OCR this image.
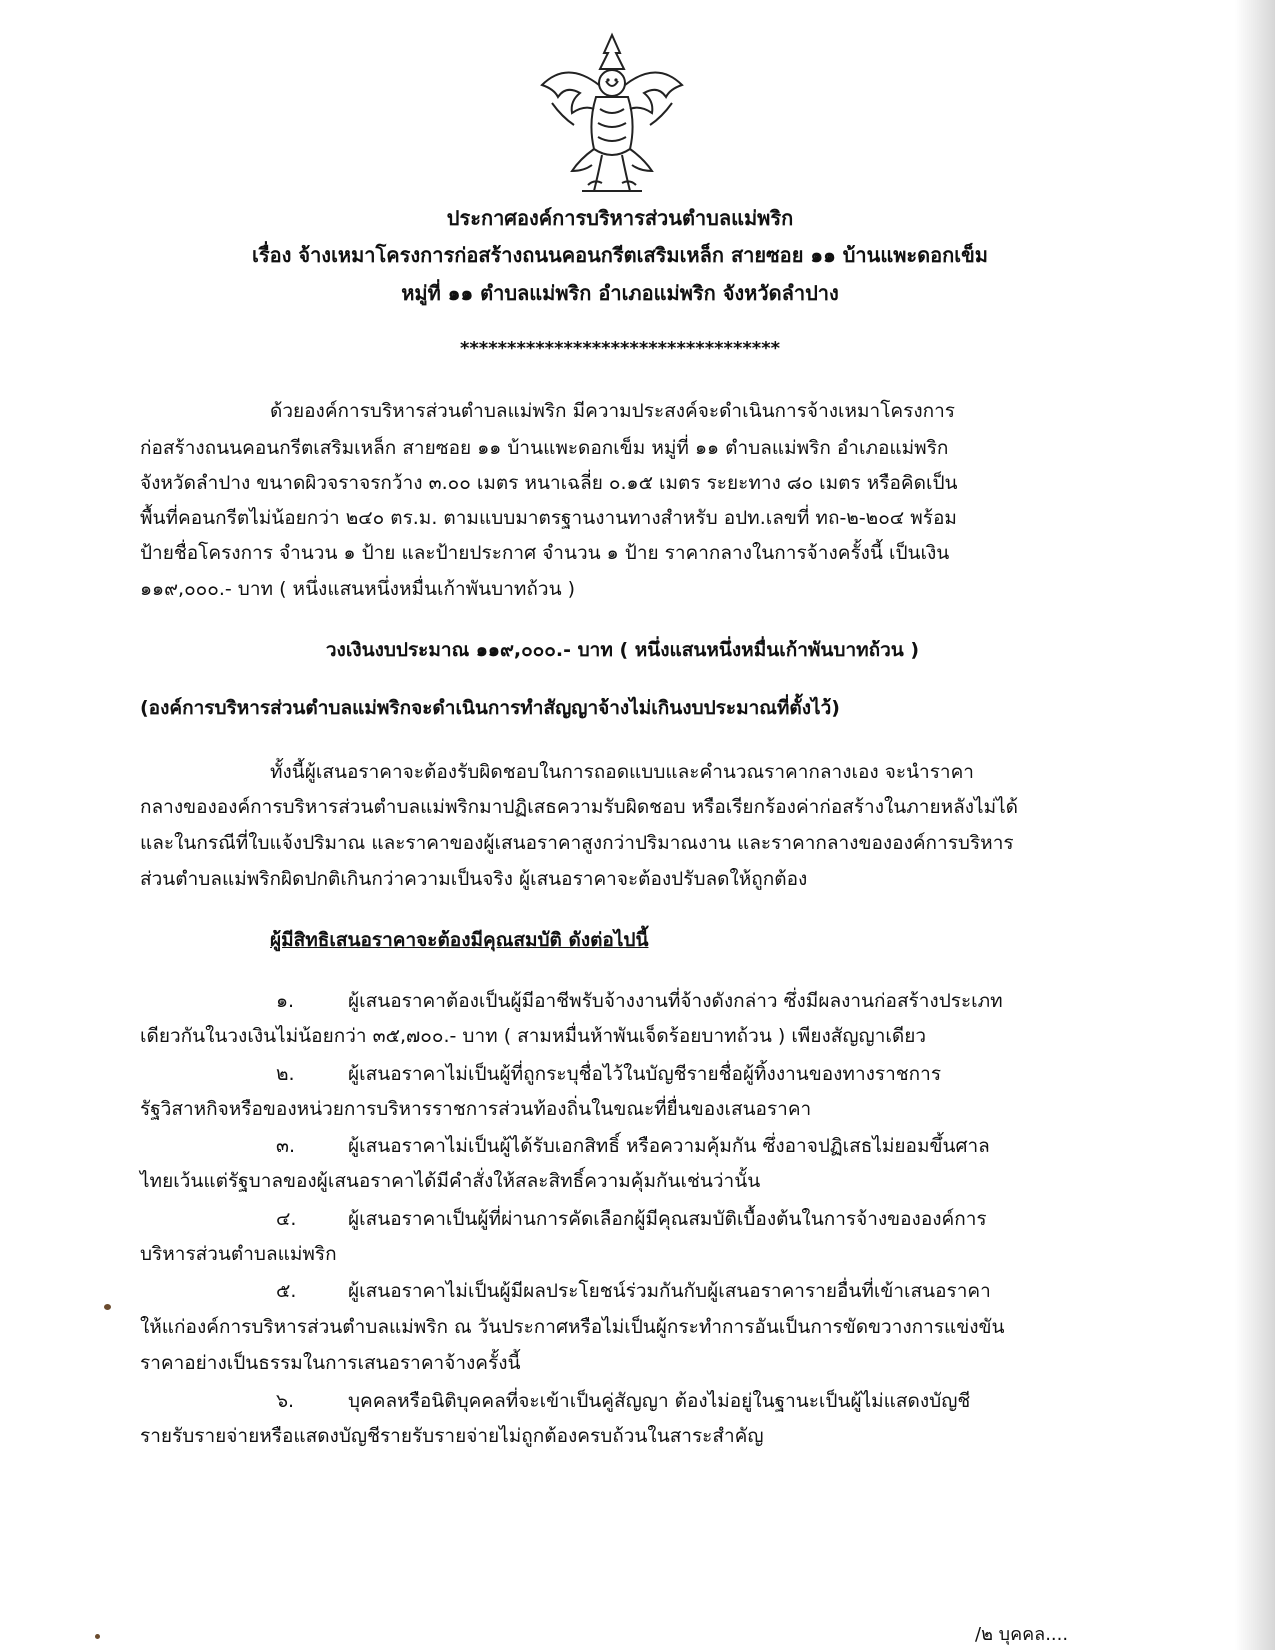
ประกาศองค์การบริหารส่วนตำบลแม่พริก
เรื่อง จ้างเหมาโครงการก่อสร้างถนนคอนกรีตเสริมเหล็ก สายซอย ๑๑ บ้านแพะดอกเข็ม
หมู่ที่ ๑๑ ตำบลแม่พริก อำเภอแม่พริก จังหวัดลำปาง
**********************************
ด้วยองค์การบริหารส่วนตำบลแม่พริก มีความประสงค์จะดำเนินการจ้างเหมาโครงการ
ก่อสร้างถนนคอนกรีตเสริมเหล็ก สายซอย ๑๑ บ้านแพะดอกเข็ม หมู่ที่ ๑๑ ตำบลแม่พริก อำเภอแม่พริก
จังหวัดลำปาง ขนาดผิวจราจรกว้าง ๓.๐๐ เมตร หนาเฉลี่ย ๐.๑๕ เมตร ระยะทาง ๘๐ เมตร หรือคิดเป็น
พื้นที่คอนกรีตไม่น้อยกว่า ๒๔๐ ตร.ม. ตามแบบมาตรฐานงานทางสำหรับ อปท.เลขที่ ทถ-๒-๒๐๔ พร้อม
ป้ายชื่อโครงการ จำนวน ๑ ป้าย และป้ายประกาศ จำนวน ๑ ป้าย ราคากลางในการจ้างครั้งนี้ เป็นเงิน
๑๑๙,๐๐๐.- บาท ( หนึ่งแสนหนึ่งหมื่นเก้าพันบาทถ้วน )
วงเงินงบประมาณ ๑๑๙,๐๐๐.- บาท ( หนึ่งแสนหนึ่งหมื่นเก้าพันบาทถ้วน )
(องค์การบริหารส่วนตำบลแม่พริกจะดำเนินการทำสัญญาจ้างไม่เกินงบประมาณที่ตั้งไว้)
ทั้งนี้ผู้เสนอราคาจะต้องรับผิดชอบในการถอดแบบและคำนวณราคากลางเอง จะนำราคา
กลางขององค์การบริหารส่วนตำบลแม่พริกมาปฏิเสธความรับผิดชอบ หรือเรียกร้องค่าก่อสร้างในภายหลังไม่ได้
และในกรณีที่ใบแจ้งปริมาณ และราคาของผู้เสนอราคาสูงกว่าปริมาณงาน และราคากลางขององค์การบริหาร
ส่วนตำบลแม่พริกผิดปกติเกินกว่าความเป็นจริง ผู้เสนอราคาจะต้องปรับลดให้ถูกต้อง
ผู้มีสิทธิเสนอราคาจะต้องมีคุณสมบัติ ดังต่อไปนี้
๑.	ผู้เสนอราคาต้องเป็นผู้มีอาชีพรับจ้างงานที่จ้างดังกล่าว ซึ่งมีผลงานก่อสร้างประเภท
เดียวกันในวงเงินไม่น้อยกว่า ๓๕,๗๐๐.- บาท ( สามหมื่นห้าพันเจ็ดร้อยบาทถ้วน ) เพียงสัญญาเดียว
๒.	ผู้เสนอราคาไม่เป็นผู้ที่ถูกระบุชื่อไว้ในบัญชีรายชื่อผู้ทิ้งงานของทางราชการ
รัฐวิสาหกิจหรือของหน่วยการบริหารราชการส่วนท้องถิ่นในขณะที่ยื่นของเสนอราคา
๓.	ผู้เสนอราคาไม่เป็นผู้ได้รับเอกสิทธิ์ หรือความคุ้มกัน ซึ่งอาจปฏิเสธไม่ยอมขึ้นศาล
ไทยเว้นแต่รัฐบาลของผู้เสนอราคาได้มีคำสั่งให้สละสิทธิ์ความคุ้มกันเช่นว่านั้น
๔.	ผู้เสนอราคาเป็นผู้ที่ผ่านการคัดเลือกผู้มีคุณสมบัติเบื้องต้นในการจ้างขององค์การ
บริหารส่วนตำบลแม่พริก
๕.	ผู้เสนอราคาไม่เป็นผู้มีผลประโยชน์ร่วมกันกับผู้เสนอราคารายอื่นที่เข้าเสนอราคา
ให้แก่องค์การบริหารส่วนตำบลแม่พริก ณ วันประกาศหรือไม่เป็นผู้กระทำการอันเป็นการขัดขวางการแข่งขัน
ราคาอย่างเป็นธรรมในการเสนอราคาจ้างครั้งนี้
๖.	บุคคลหรือนิติบุคคลที่จะเข้าเป็นคู่สัญญา ต้องไม่อยู่ในฐานะเป็นผู้ไม่แสดงบัญชี
รายรับรายจ่ายหรือแสดงบัญชีรายรับรายจ่ายไม่ถูกต้องครบถ้วนในสาระสำคัญ
/๒ บุคคล....
